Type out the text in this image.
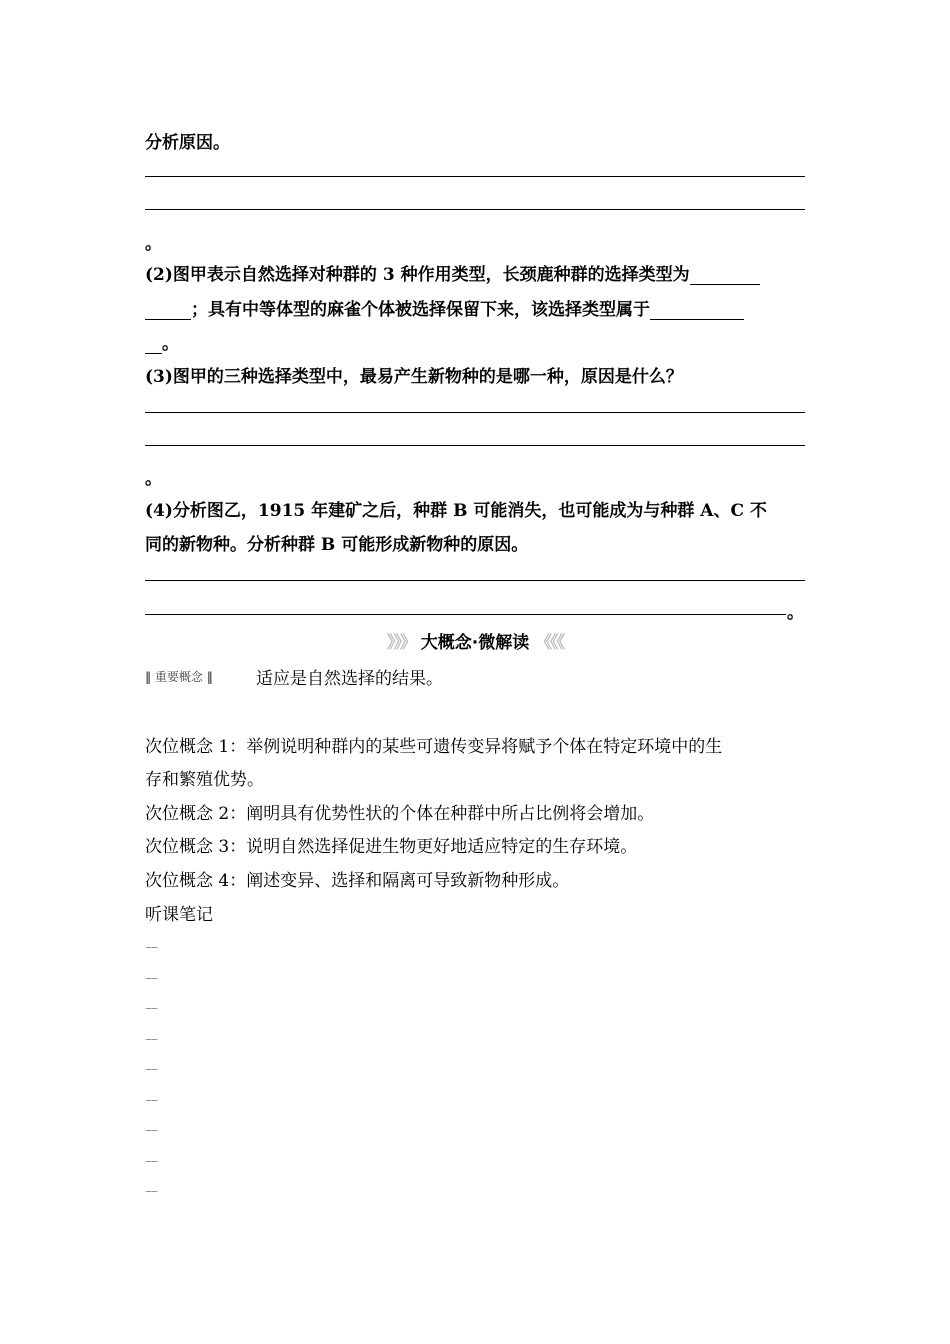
分析原因。
。
(2)图甲表示自然选择对种群的 3 种作用类型，长颈鹿种群的选择类型为
；具有中等体型的麻雀个体被选择保留下来，该选择类型属于
。
(3)图甲的三种选择类型中，最易产生新物种的是哪一种，原因是什么？
。
(4)分析图乙，1915 年建矿之后，种群 B 可能消失，也可能成为与种群 A、C 不
同的新物种。分析种群 B 可能形成新物种的原因。
。
》》》 大概念·微解读 《《《
‖ 重要概念 ‖	适应是自然选择的结果。
次位概念 1：举例说明种群内的某些可遗传变异将赋予个体在特定环境中的生
存和繁殖优势。
次位概念 2：阐明具有优势性状的个体在种群中所占比例将会增加。
次位概念 3：说明自然选择促进生物更好地适应特定的生存环境。
次位概念 4：阐述变异、选择和隔离可导致新物种形成。
听课笔记
··········
··········
··········
··········
··········
··········
··········
··········
··········
